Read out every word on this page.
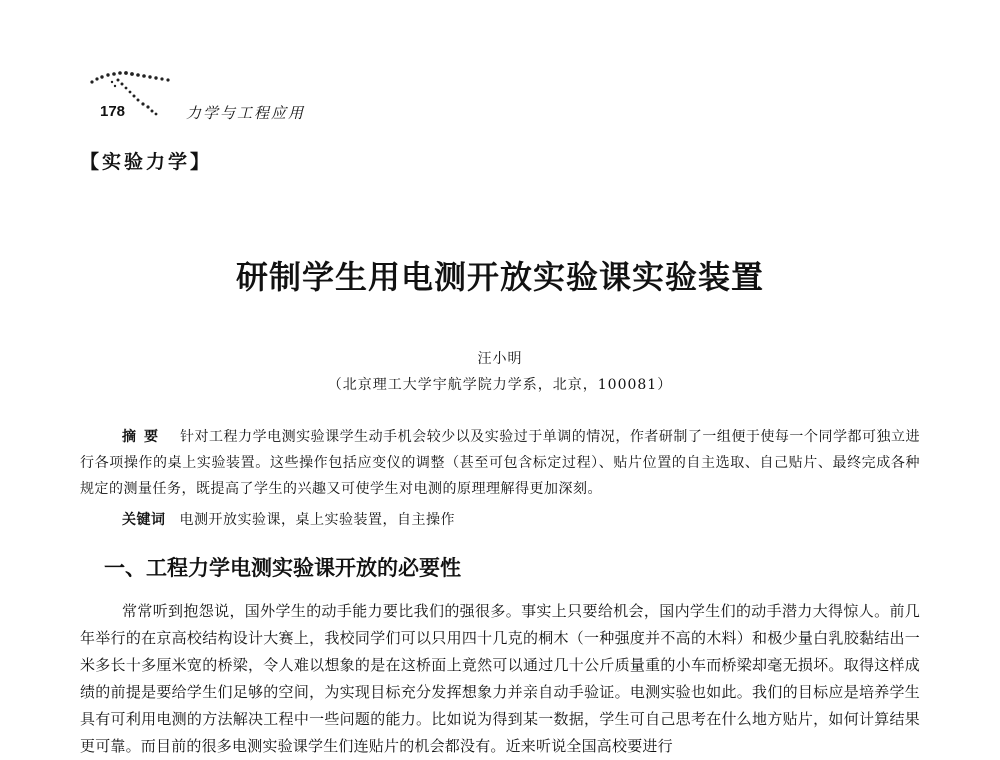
178	力学与工程应用
【实验力学】
研制学生用电测开放实验课实验装置
汪小明
（北京理工大学宇航学院力学系，北京，100081）
摘要 针对工程力学电测实验课学生动手机会较少以及实验过于单调的情况，作者研制了一组便于使每一个同学都可独立进行各项操作的桌上实验装置。这些操作包括应变仪的调整（甚至可包含标定过程）、贴片位置的自主选取、自己贴片、最终完成各种规定的测量任务，既提高了学生的兴趣又可使学生对电测的原理理解得更加深刻。
关键词 电测开放实验课，桌上实验装置，自主操作
一、工程力学电测实验课开放的必要性
常常听到抱怨说，国外学生的动手能力要比我们的强很多。事实上只要给机会，国内学生们的动手潜力大得惊人。前几年举行的在京高校结构设计大赛上，我校同学们可以只用四十几克的桐木（一种强度并不高的木料）和极少量白乳胶黏结出一米多长十多厘米宽的桥梁，令人难以想象的是在这桥面上竟然可以通过几十公斤质量重的小车而桥梁却毫无损坏。取得这样成绩的前提是要给学生们足够的空间，为实现目标充分发挥想象力并亲自动手验证。电测实验也如此。我们的目标应是培养学生具有可利用电测的方法解决工程中一些问题的能力。比如说为得到某一数据，学生可自己思考在什么地方贴片，如何计算结果更可靠。而目前的很多电测实验课学生们连贴片的机会都没有。近来听说全国高校要进行
